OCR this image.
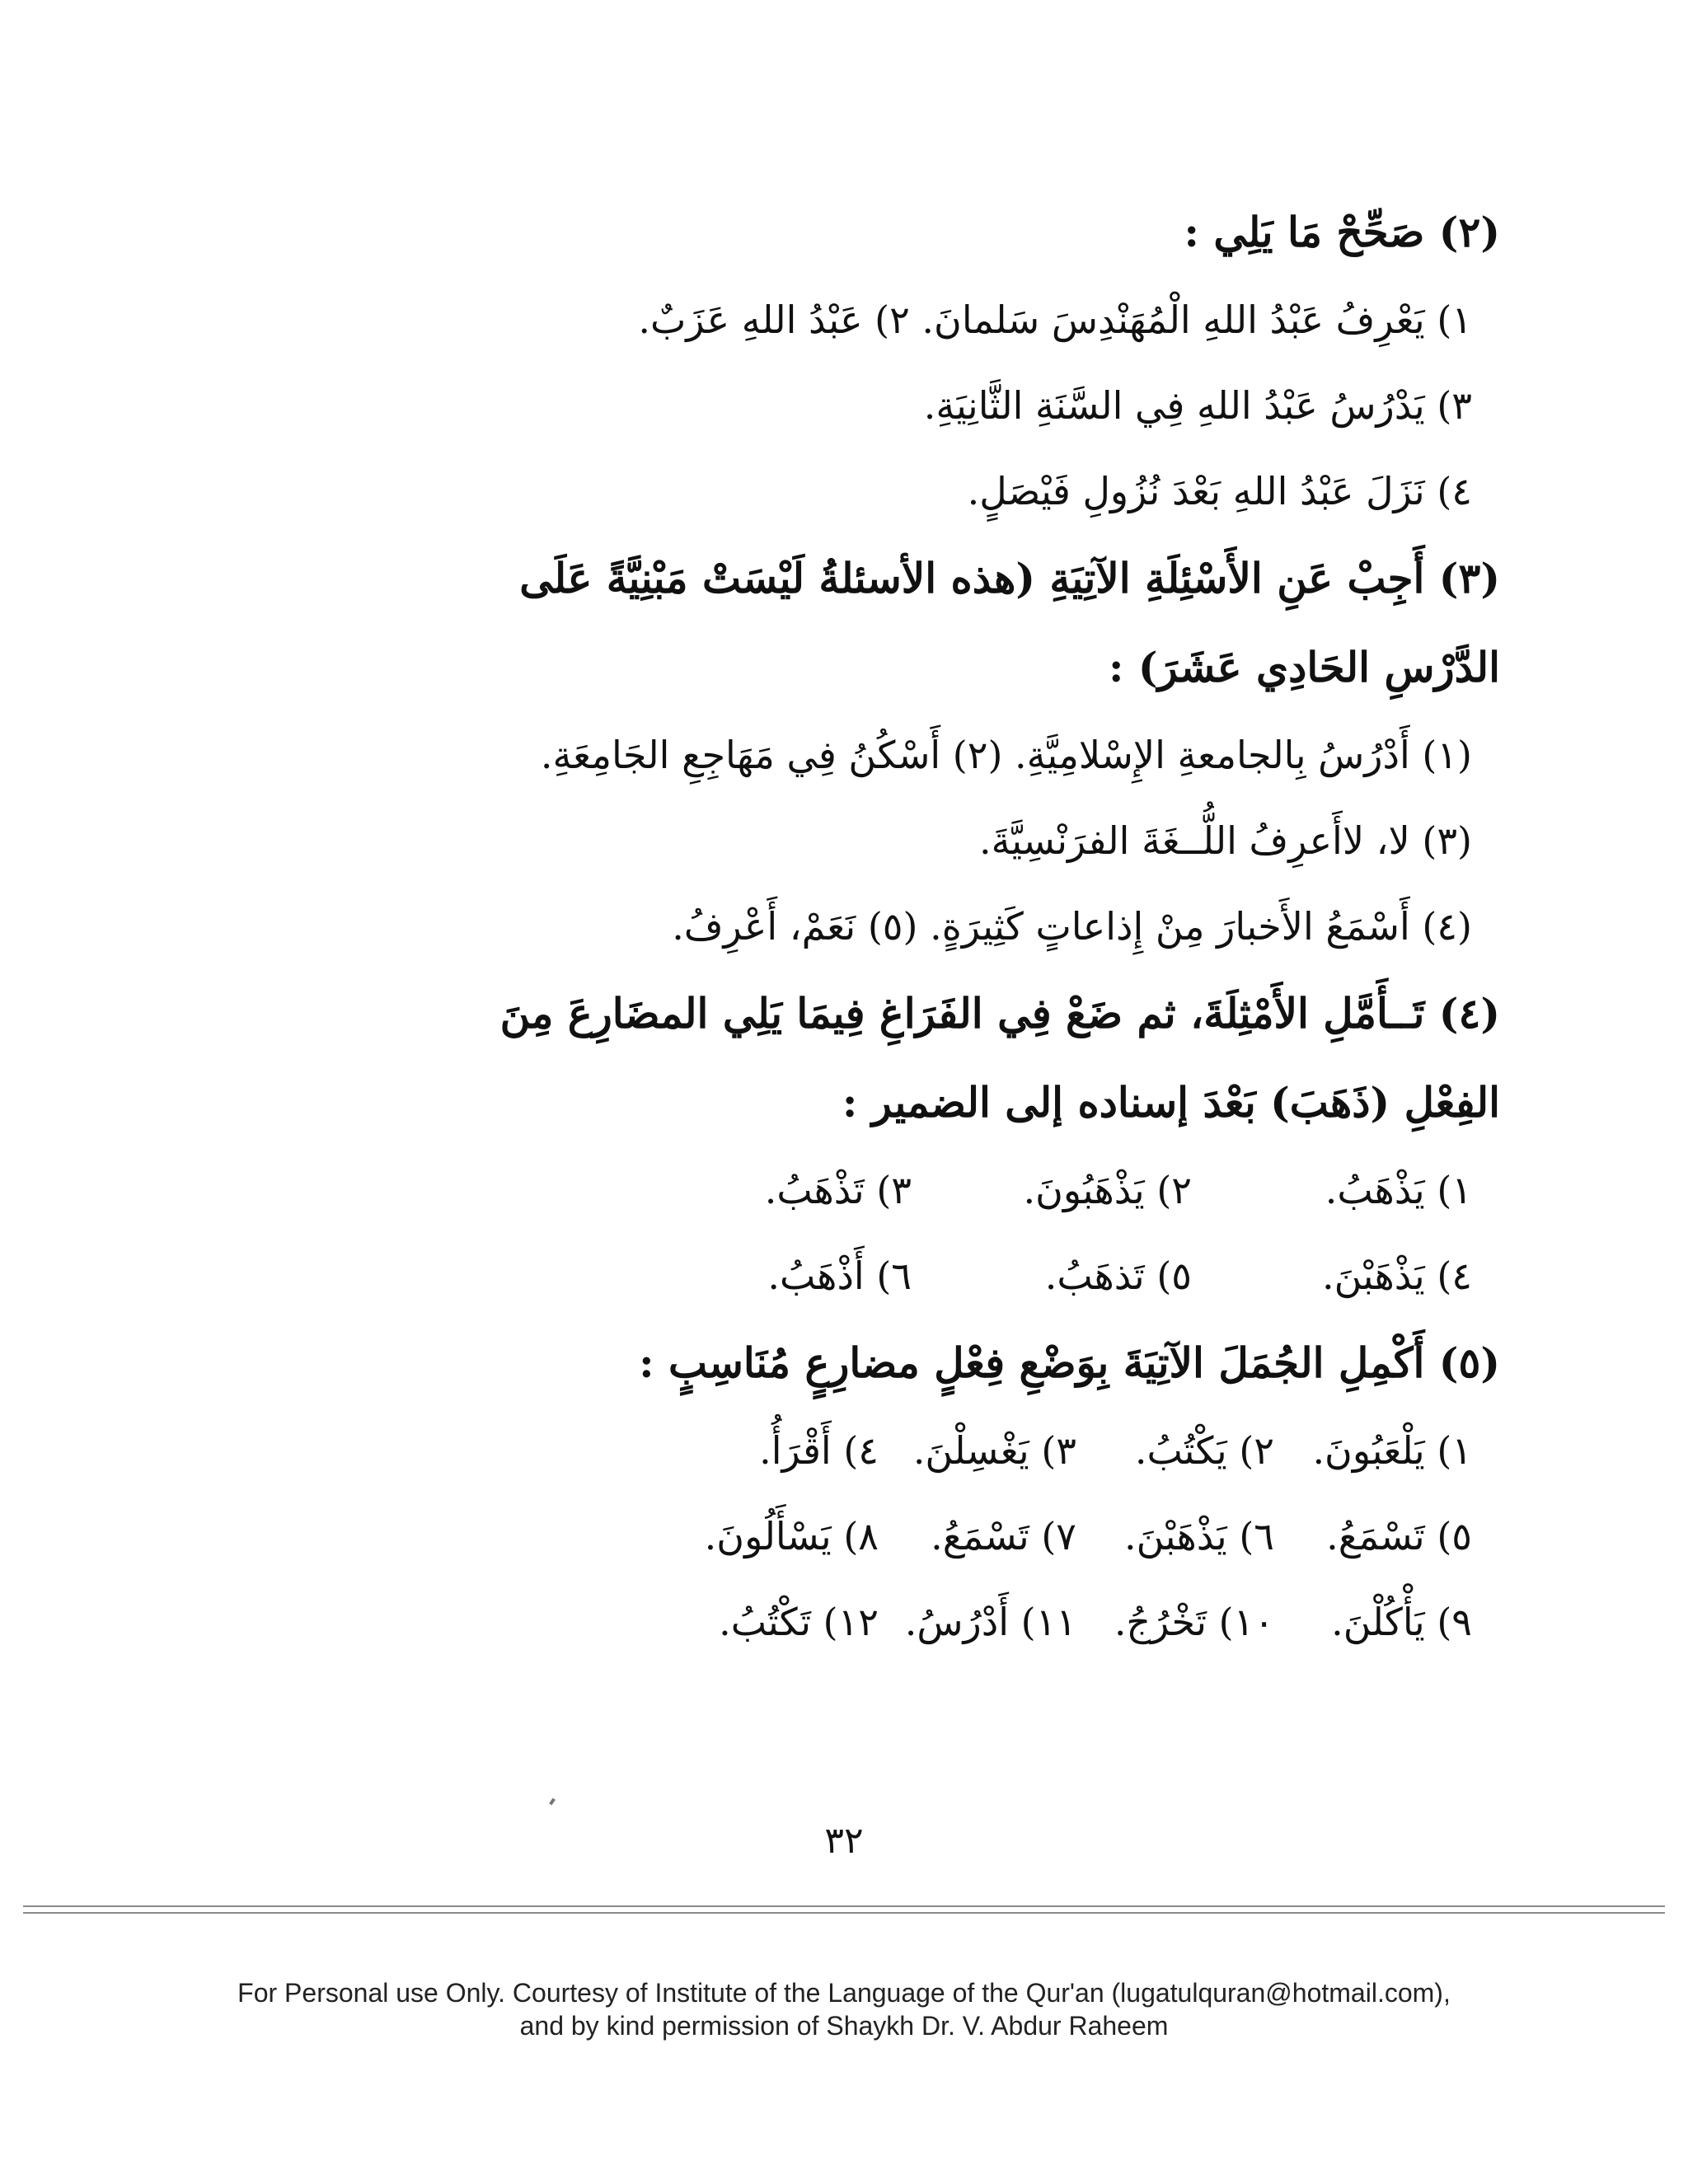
(٢) صَحِّحْ مَا يَلِي :

١) يَعْرِفُ عَبْدُ اللهِ الْمُهَنْدِسَ سَلمانَ. ٢) عَبْدُ اللهِ عَزَبٌ.

٣) يَدْرُسُ عَبْدُ اللهِ فِي السَّنَةِ الثَّانِيَةِ.

٤) نَزَلَ عَبْدُ اللهِ بَعْدَ نُزُولِ فَيْصَلٍ.

(٣) أَجِبْ عَنِ الأَسْئِلَةِ الآتِيَةِ (هذه الأسئلةُ لَيْسَتْ مَبْنِيَّةً عَلَى الدَّرْسِ الحَادِي عَشَرَ) :

(١) أَدْرُسُ بِالجامعةِ الإِسْلامِيَّةِ. (٢) أَسْكُنُ فِي مَهَاجِعِ الجَامِعَةِ.

(٣) لا، لاأَعرِفُ اللُّــغَةَ الفرَنْسِيَّةَ.

(٤) أَسْمَعُ الأَخبارَ مِنْ إِذاعاتٍ كَثِيرَةٍ. (٥) نَعَمْ، أَعْرِفُ.

(٤) تَــأَمَّلِ الأَمْثِلَةَ، ثم ضَعْ فِي الفَرَاغِ فِيمَا يَلِي المضَارِعَ مِنَ الفِعْلِ (ذَهَبَ) بَعْدَ إسناده إلى الضمير :

١) يَذْهَبُ.
٢) يَذْهَبُونَ.
٣) تَذْهَبُ.
٤) يَذْهَبْنَ.
٥) تَذهَبُ.
٦) أَذْهَبُ.

(٥) أَكْمِلِ الجُمَلَ الآتِيَةَ بِوَضْعِ فِعْلٍ مضارِعٍ مُنَاسِبٍ :

١) يَلْعَبُونَ.
٢) يَكْتُبُ.
٣) يَغْسِلْنَ.
٤) أَقْرَأُ.
٥) تَسْمَعُ.
٦) يَذْهَبْنَ.
٧) تَسْمَعُ.
٨) يَسْأَلُونَ.
٩) يَأْكُلْنَ.
١٠) تَخْرُجُ.
١١) أَدْرُسُ.
١٢) تَكْتُبُ.
٣٢
For Personal use Only. Courtesy of Institute of the Language of the Qur'an (lugatulquran@hotmail.com),
and by kind permission of Shaykh Dr. V. Abdur Raheem
